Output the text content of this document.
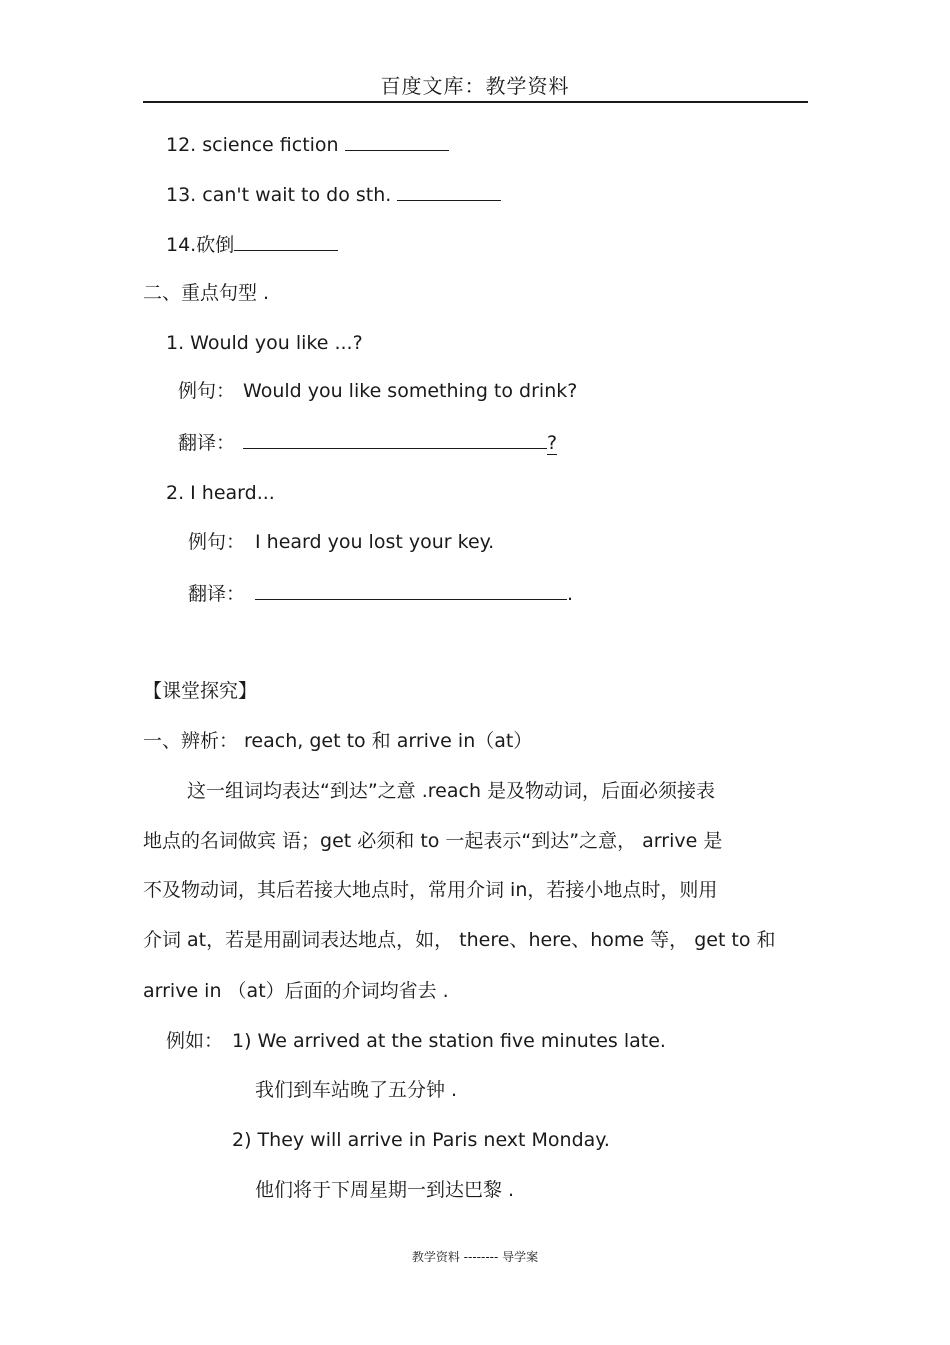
百度文库：教学资料
12. science fiction
13. can't wait to do sth.
14.砍倒
二、重点句型 .
1. Would you like ...?
例句： Would you like something to drink?
翻译：	?
2. I heard...
例句： I heard you lost your key.
翻译：	.
【课堂探究】
一、辨析： reach, get to 和 arrive in（at）
这一组词均表达“到达”之意 .reach 是及物动词，后面必须接表
地点的名词做宾 语；get 必须和 to 一起表示“到达”之意， arrive 是
不及物动词，其后若接大地点时，常用介词 in，若接小地点时，则用
介词 at，若是用副词表达地点，如， there、here、home 等， get to 和
arrive in （at）后面的介词均省去 .
例如： 1) We arrived at the station five minutes late.
我们到车站晚了五分钟 .
2) They will arrive in Paris next Monday.
他们将于下周星期一到达巴黎 .
教学资料 -------- 导学案
